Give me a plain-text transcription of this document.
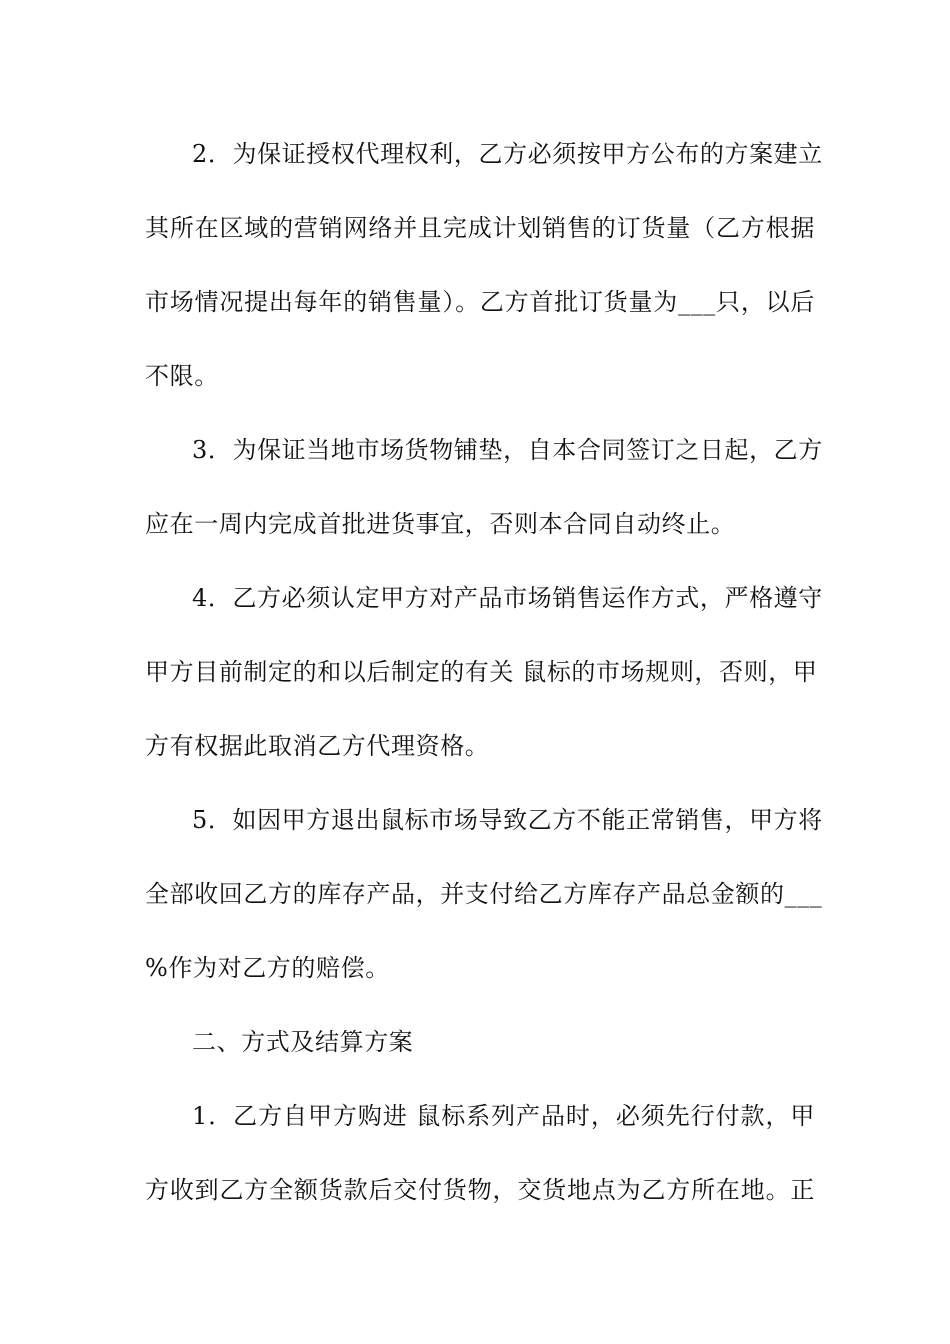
2．为保证授权代理权利，乙方必须按甲方公布的方案建立
其所在区域的营销网络并且完成计划销售的订货量（乙方根据
市场情况提出每年的销售量）。乙方首批订货量为___只，以后
不限。
3．为保证当地市场货物铺垫，自本合同签订之日起，乙方
应在一周内完成首批进货事宜，否则本合同自动终止。
4．乙方必须认定甲方对产品市场销售运作方式，严格遵守
甲方目前制定的和以后制定的有关 鼠标的市场规则，否则，甲
方有权据此取消乙方代理资格。
5．如因甲方退出鼠标市场导致乙方不能正常销售，甲方将
全部收回乙方的库存产品，并支付给乙方库存产品总金额的___
%作为对乙方的赔偿。
二、方式及结算方案
1．乙方自甲方购进 鼠标系列产品时，必须先行付款，甲
方收到乙方全额货款后交付货物，交货地点为乙方所在地。正
